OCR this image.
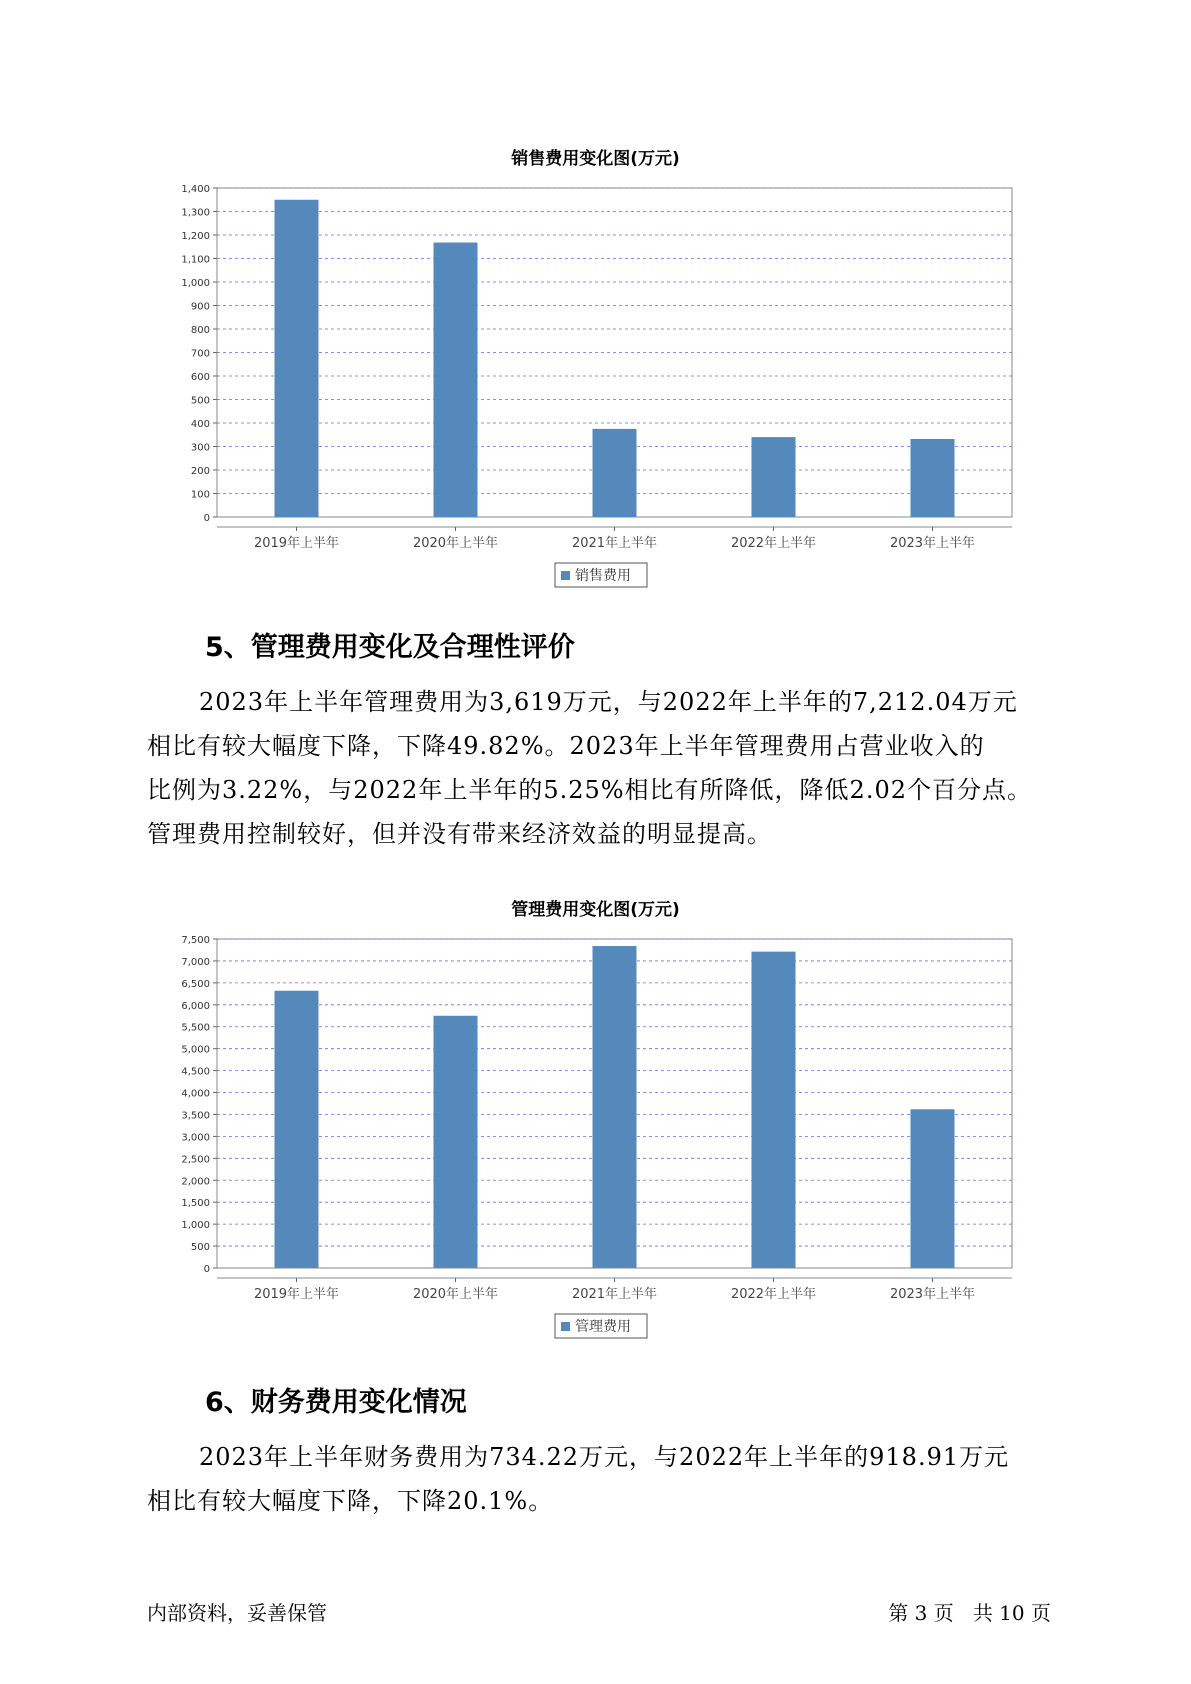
销售费用变化图(万元)
0
100
200
300
400
500
600
700
800
900
1,000
1,100
1,200
1,300
1,400
2019年上半年	2020年上半年	2021年上半年	2022年上半年	2023年上半年
销售费用
5、管理费用变化及合理性评价
2023年上半年管理费用为3,619万元，与2022年上半年的7,212.04万元
相比有较大幅度下降，下降49.82%。2023年上半年管理费用占营业收入的
比例为3.22%，与2022年上半年的5.25%相比有所降低，降低2.02个百分点。
管理费用控制较好，但并没有带来经济效益的明显提高。
管理费用变化图(万元)
0
500
1,000
1,500
2,000
2,500
3,000
3,500
4,000
4,500
5,000
5,500
6,000
6,500
7,000
7,500
2019年上半年	2020年上半年	2021年上半年	2022年上半年	2023年上半年
管理费用
6、财务费用变化情况
2023年上半年财务费用为734.22万元，与2022年上半年的918.91万元
相比有较大幅度下降，下降20.1%。
内部资料，妥善保管	第 3 页   共 10 页
